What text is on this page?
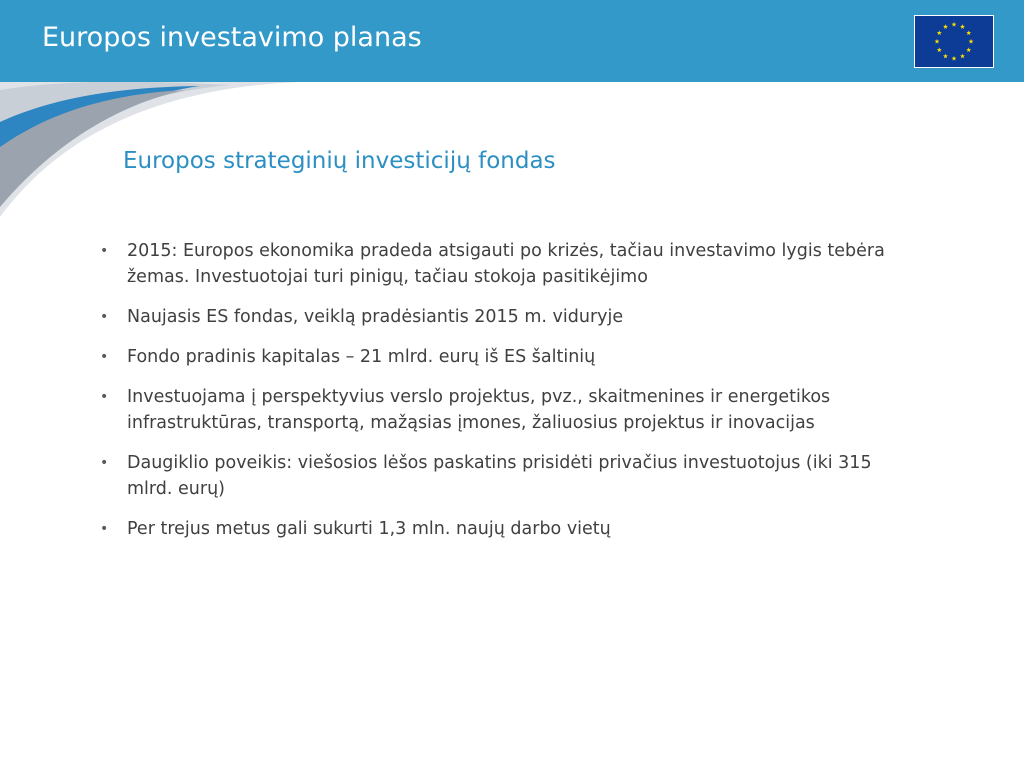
Europos investavimo planas
Europos strateginių investicijų fondas
•	2015: Europos ekonomika pradeda atsigauti po krizės, tačiau investavimo lygis tebėra žemas. Investuotojai turi pinigų, tačiau stokoja pasitikėjimo
•	Naujasis ES fondas, veiklą pradėsiantis 2015 m. viduryje
•	Fondo pradinis kapitalas – 21 mlrd. eurų iš ES šaltinių
•	Investuojama į perspektyvius verslo projektus, pvz., skaitmenines ir energetikos infrastruktūras, transportą, mažąsias įmones, žaliuosius projektus ir inovacijas
•	Daugiklio poveikis: viešosios lėšos paskatins prisidėti privačius investuotojus (iki 315 mlrd. eurų)
•	Per trejus metus gali sukurti 1,3 mln. naujų darbo vietų
